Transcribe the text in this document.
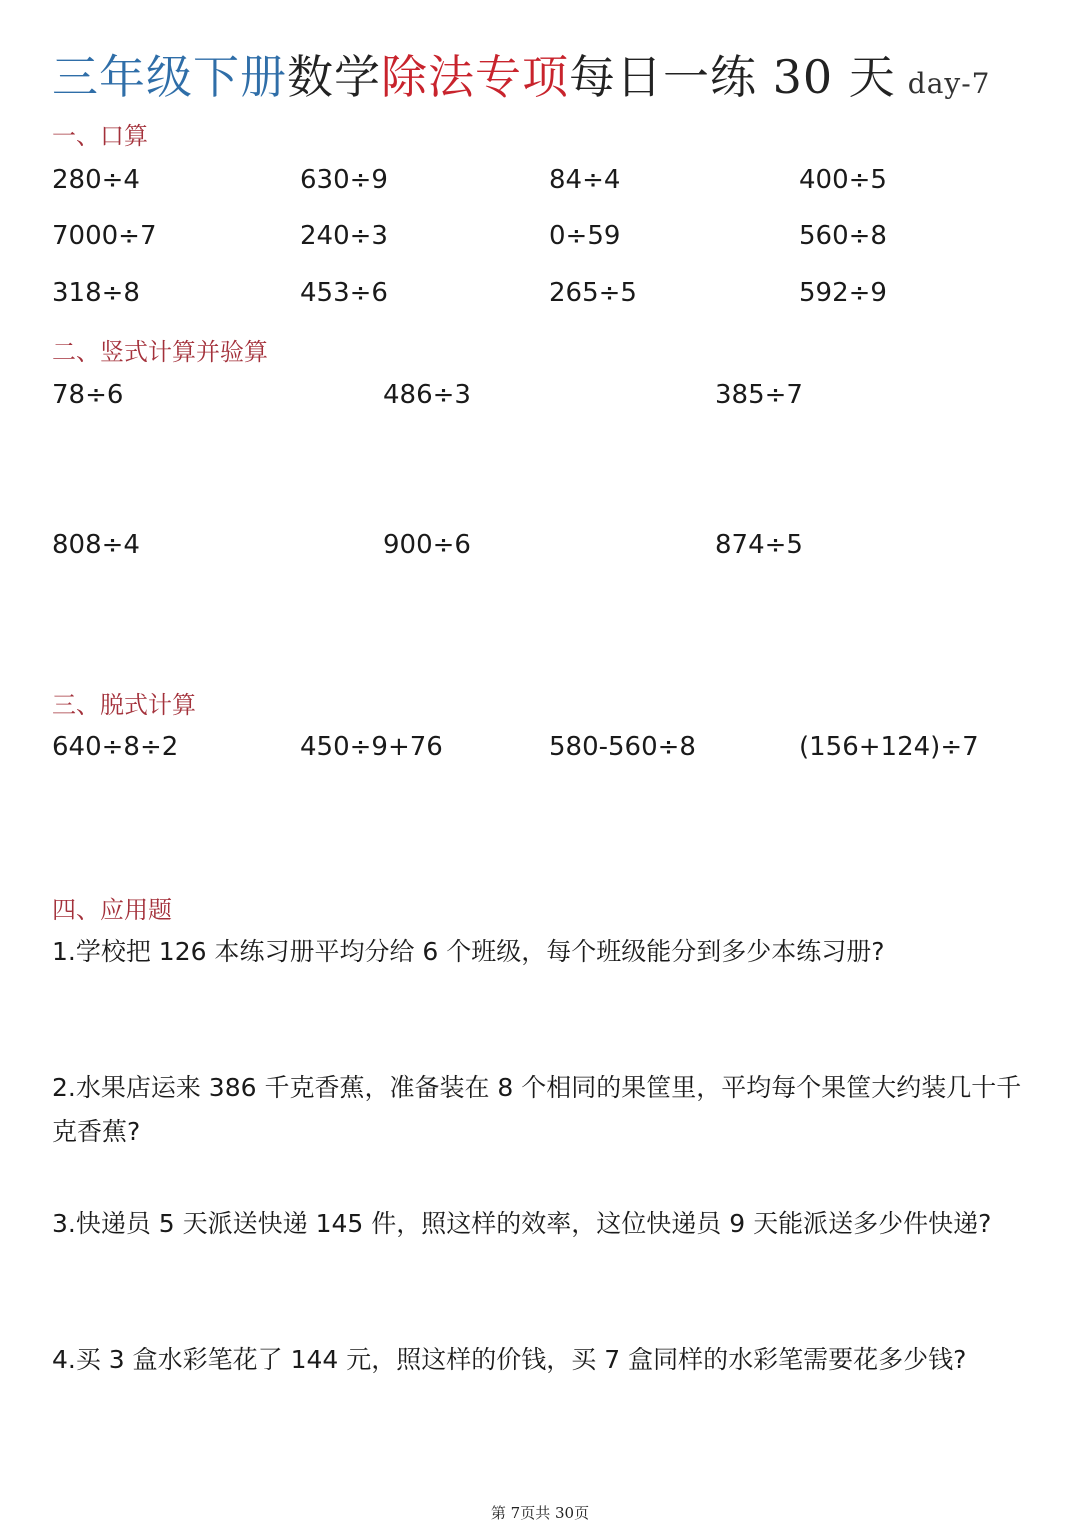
三年级下册数学除法专项每日一练 30 天 day-7
一、口算
280÷4	630÷9	84÷4	400÷5
7000÷7	240÷3	0÷59	560÷8
318÷8	453÷6	265÷5	592÷9
二、竖式计算并验算
78÷6	486÷3	385÷7
808÷4	900÷6	874÷5
三、脱式计算
640÷8÷2	450÷9+76	580-560÷8	(156+124)÷7
四、应用题
1.学校把 126 本练习册平均分给 6 个班级，每个班级能分到多少本练习册?
2.水果店运来 386 千克香蕉，准备装在 8 个相同的果筐里，平均每个果筐大约装几十千克香蕉?
3.快递员 5 天派送快递 145 件，照这样的效率，这位快递员 9 天能派送多少件快递?
4.买 3 盒水彩笔花了 144 元，照这样的价钱，买 7 盒同样的水彩笔需要花多少钱?
第 7页共 30页
